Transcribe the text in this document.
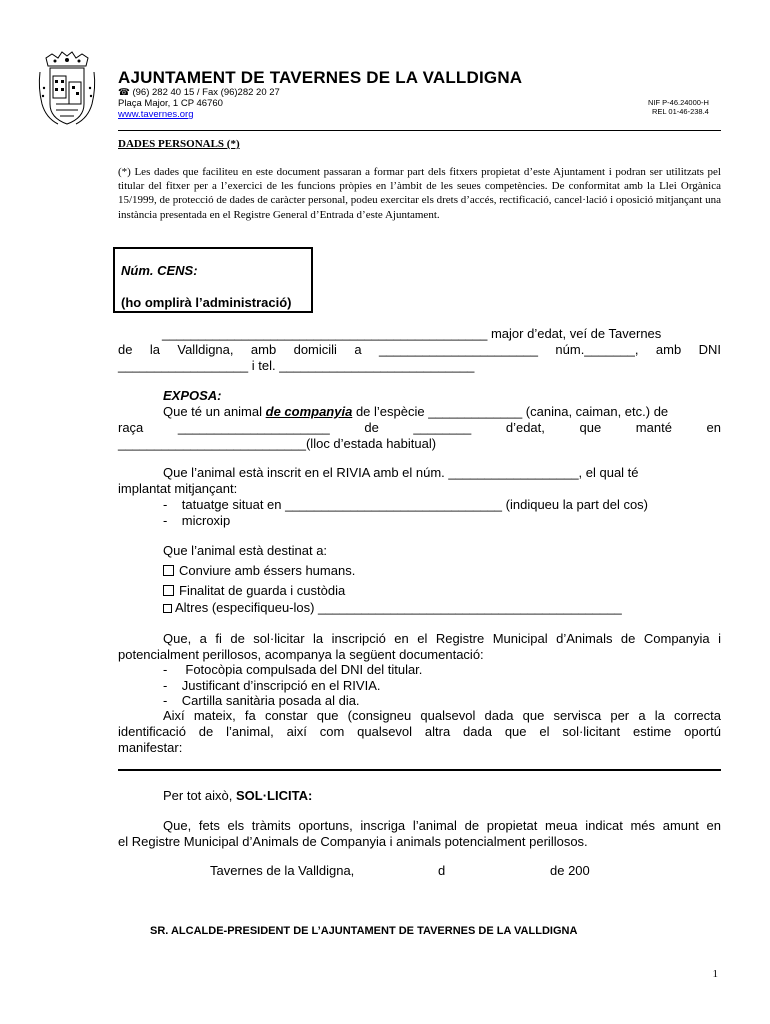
AJUNTAMENT DE TAVERNES DE LA VALLDIGNA
☎ (96) 282 40 15 / Fax (96)282 20 27
Plaça Major, 1 CP 46760
www.tavernes.org
NIF P-46.24000-H
REL 01-46-238.4
DADES PERSONALS (*)
(*) Les dades que faciliteu en este document passaran a formar part dels fitxers propietat d’este Ajuntament i podran ser utilitzats pel titular del fitxer per a l’exercici de les funcions pròpies en l’àmbit de les seues competències. De conformitat amb la Llei Orgànica 15/1999, de protecció de dades de caràcter personal, podeu exercitar els drets d’accés, rectificació, cancel·lació i oposició mitjançant una instància presentada en el Registre General d’Entrada d’este Ajuntament.
Núm. CENS:
(ho omplirà l’administració)
_____________________________________________ major d’edat, veí de Tavernes
de la Valldigna, amb domicili a ______________________ núm._______, amb DNI
__________________ i tel. ___________________________
EXPOSA:
Que té un animal de companyia de l’espècie _____________ (canina, caiman, etc.) de
raça _____________________ de ________ d’edat, que manté en
__________________________(lloc d’estada habitual)
Que l’animal està inscrit en el RIVIA amb el núm. __________________, el qual té
implantat mitjançant:
-    tatuatge situat en ______________________________ (indiqueu la part del cos)
-    microxip
Que l’animal està destinat a:
Conviure amb éssers humans.
Finalitat de guarda i custòdia
Altres (especifiqueu-los) __________________________________________
Que, a fi de sol·licitar la inscripció en el Registre Municipal d’Animals de Companyia i
potencialment perillosos, acompanya la següent documentació:
-     Fotocòpia compulsada del DNI del titular.
-    Justificant d’inscripció en el RIVIA.
-    Cartilla sanitària posada al dia.
Així mateix, fa constar que (consigneu qualsevol dada que servisca per a la correcta
identificació de l’animal, així com qualsevol altra dada que el sol·licitant estime oportú
manifestar:
Per tot això, SOL·LICITA:
Que, fets els tràmits oportuns, inscriga l’animal de propietat meua indicat més amunt en
el Registre Municipal d’Animals de Companyia i animals potencialment perillosos.
Tavernes de la Valldigna,	d	de 200
SR. ALCALDE-PRESIDENT DE L’AJUNTAMENT DE TAVERNES DE LA VALLDIGNA
1
